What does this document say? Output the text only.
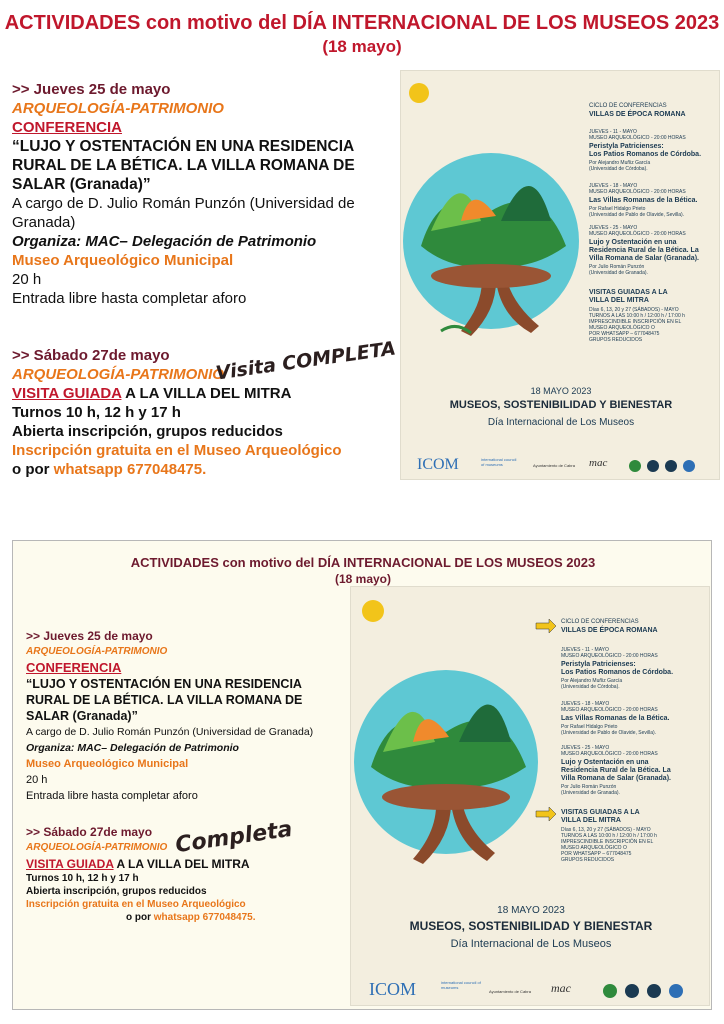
ACTIVIDADES con motivo del DÍA INTERNACIONAL DE LOS MUSEOS 2023
(18 mayo)
>> Jueves 25 de mayo
ARQUEOLOGÍA-PATRIMONIO
CONFERENCIA
“LUJO Y OSTENTACIÓN EN UNA RESIDENCIA
RURAL DE LA BÉTICA. LA VILLA ROMANA DE
SALAR (Granada)”
A cargo de D. Julio Román Punzón (Universidad de
Granada)
Organiza: MAC– Delegación de Patrimonio
Museo Arqueológico Municipal
20 h
Entrada libre hasta completar aforo
>> Sábado 27de mayo
ARQUEOLOGÍA-PATRIMONIO
VISITA GUIADA A LA VILLA DEL MITRA
Turnos 10 h, 12 h y 17 h
Abierta inscripción, grupos reducidos
Inscripción gratuita en el Museo Arqueológico
o por whatsapp 677048475.
Visita COMPLETA
CICLO DE CONFERENCIAS
VILLAS DE ÉPOCA ROMANA
JUEVES - 11 - MAYO
MUSEO ARQUEOLÓGICO - 20:00 HORAS
Peristyla Patricienses:
Los Patios Romanos de Córdoba.
Por Alejandro Muñiz García
(Universidad de Córdoba).
JUEVES - 18 - MAYO
MUSEO ARQUEOLÓGICO - 20:00 HORAS
Las Villas Romanas de la Bética.
Por Rafael Hidalgo Prieto
(Universidad de Pablo de Olavide, Sevilla).
JUEVES - 25 - MAYO
MUSEO ARQUEOLÓGICO - 20:00 HORAS
Lujo y Ostentación en una
Residencia Rural de la Bética. La
Villa Romana de Salar (Granada).
Por Julio Román Punzón
(Universidad de Granada).
VISITAS GUIADAS A LA
VILLA DEL MITRA
Días 6, 13, 20 y 27 (SÁBADOS) - MAYO
TURNOS A LAS 10:00 h / 12:00 h / 17:00 h
IMPRESCINDIBLE INSCRIPCIÓN EN EL
MUSEO ARQUEOLÓGICO O
POR WHATSAPP – 677048475
GRUPOS REDUCIDOS
18 MAYO 2023
MUSEOS, SOSTENIBILIDAD Y BIENESTAR
Día Internacional de Los Museos
ICOM	international council of museums	Ayuntamiento de Cabra mac
ACTIVIDADES con motivo del DÍA INTERNACIONAL DE LOS MUSEOS 2023
(18 mayo)
>> Jueves 25 de mayo
ARQUEOLOGÍA-PATRIMONIO
CONFERENCIA
“LUJO Y OSTENTACIÓN EN UNA RESIDENCIA
RURAL DE LA BÉTICA. LA VILLA ROMANA DE
SALAR (Granada)”
A cargo de D. Julio Román Punzón (Universidad de Granada)
Organiza: MAC– Delegación de Patrimonio
Museo Arqueológico Municipal
20 h
Entrada libre hasta completar aforo
>> Sábado 27de mayo
ARQUEOLOGÍA-PATRIMONIO
VISITA GUIADA A LA VILLA DEL MITRA
Turnos 10 h, 12 h y 17 h
Abierta inscripción, grupos reducidos
Inscripción gratuita en el Museo Arqueológico
o por whatsapp 677048475.
Completa
CICLO DE CONFERENCIAS
VILLAS DE ÉPOCA ROMANA
JUEVES - 11 - MAYO
MUSEO ARQUEOLÓGICO - 20:00 HORAS
Peristyla Patricienses:
Los Patios Romanos de Córdoba.
Por Alejandro Muñiz García
(Universidad de Córdoba).
JUEVES - 18 - MAYO
MUSEO ARQUEOLÓGICO - 20:00 HORAS
Las Villas Romanas de la Bética.
Por Rafael Hidalgo Prieto
(Universidad de Pablo de Olavide, Sevilla).
JUEVES - 25 - MAYO
MUSEO ARQUEOLÓGICO - 20:00 HORAS
Lujo y Ostentación en una
Residencia Rural de la Bética. La
Villa Romana de Salar (Granada).
Por Julio Román Punzón
(Universidad de Granada).
VISITAS GUIADAS A LA
VILLA DEL MITRA
Días 6, 13, 20 y 27 (SÁBADOS) - MAYO
TURNOS A LAS 10:00 h / 12:00 h / 17:00 h
IMPRESCINDIBLE INSCRIPCIÓN EN EL
MUSEO ARQUEOLÓGICO O
POR WHATSAPP – 677048475
GRUPOS REDUCIDOS
18 MAYO 2023
MUSEOS, SOSTENIBILIDAD Y BIENESTAR
Día Internacional de Los Museos
ICOM	international council of museums
Ayuntamiento de Cabra mac
